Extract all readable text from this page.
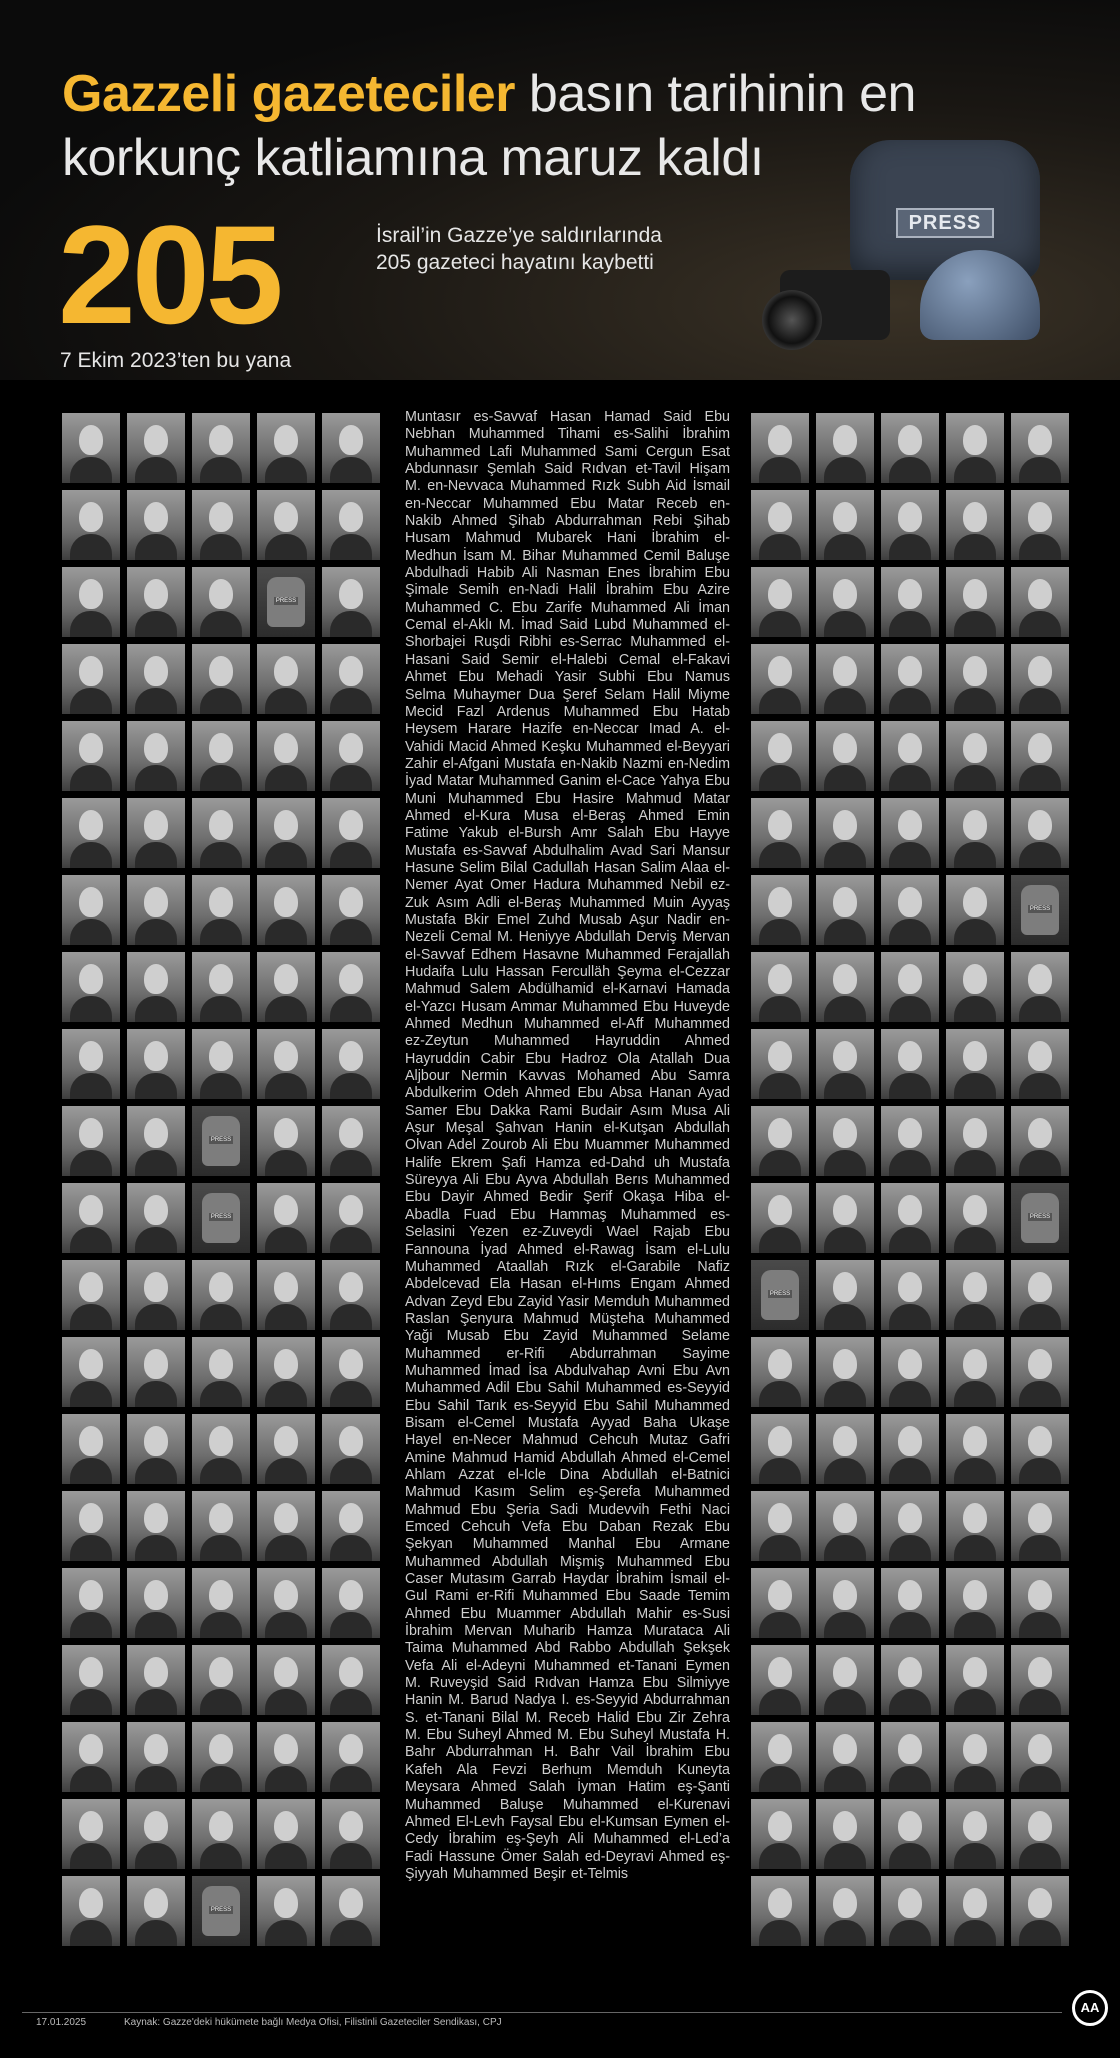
Gazzeli gazeteciler basın tarihinin en korkunç katliamına maruz kaldı
205	İsrail’in Gazze’ye saldırılarında 205 gazeteci hayatını kaybetti
7 Ekim 2023’ten bu yana
PRESS
PRESS
PRESS
PRESS
PRESS
Muntasır es-Savvaf Hasan Hamad Said Ebu Nebhan Muhammed Tihami es-Salihi İbrahim Muhammed Lafi Muhammed Sami Cergun Esat Abdunnasır Şemlah Said Rıdvan et-Tavil Hişam M. en-Nevvaca Muhammed Rızk Subh Aid İsmail en-Neccar Muhammed Ebu Matar Receb en-Nakib Ahmed Şihab Abdurrahman Rebi Şihab Husam Mahmud Mubarek Hani İbrahim el-Medhun İsam M. Bihar Muhammed Cemil Baluşe Abdulhadi Habib Ali Nasman Enes İbrahim Ebu Şimale Semih en-Nadi Halil İbrahim Ebu Azire Muhammed C. Ebu Zarife Muhammed Ali İman Cemal el-Aklı M. İmad Said Lubd Muhammed el-Shorbajei Ruşdi Ribhi es-Serrac Muhammed el-Hasani Said Semir el-Halebi Cemal el-Fakavi Ahmet Ebu Mehadi Yasir Subhi Ebu Namus Selma Muhaymer Dua Şeref Selam Halil Miyme Mecid Fazl Ardenus Muhammed Ebu Hatab Heysem Harare Hazife en-Neccar Imad A. el-Vahidi Macid Ahmed Keşku Muhammed el-Beyyari Zahir el-Afgani Mustafa en-Nakib Nazmi en-Nedim İyad Matar Muhammed Ganim el-Cace Yahya Ebu Muni Muhammed Ebu Hasire Mahmud Matar Ahmed el-Kura Musa el-Beraş Ahmed Emin Fatime Yakub el-Bursh Amr Salah Ebu Hayye Mustafa es-Savvaf Abdulhalim Avad Sari Mansur Hasune Selim Bilal Cadullah Hasan Salim Alaa el-Nemer Ayat Omer Hadura Muhammed Nebil ez-Zuk Asım Adli el-Beraş Muhammed Muin Ayyaş Mustafa Bkir Emel Zuhd Musab Aşur Nadir en-Nezeli Cemal M. Heniyye Abdullah Derviş Mervan el-Savvaf Edhem Hasavne Muhammed Ferajallah Hudaifa Lulu Hassan Ferculläh Şeyma el-Cezzar Mahmud Salem Abdülhamid el-Karnavi Hamada el-Yazcı Husam Ammar Muhammed Ebu Huveyde Ahmed Medhun Muhammed el-Aff Muhammed ez-Zeytun Muhammed Hayruddin Ahmed Hayruddin Cabir Ebu Hadroz Ola Atallah Dua Aljbour Nermin Kavvas Mohamed Abu Samra Abdulkerim Odeh Ahmed Ebu Absa Hanan Ayad Samer Ebu Dakka Rami Budair Asım Musa Ali Aşur Meşal Şahvan Hanin el-Kutşan Abdullah Olvan Adel Zourob Ali Ebu Muammer Muhammed Halife Ekrem Şafi Hamza ed-Dahd uh Mustafa Süreyya Ali Ebu Ayva Abdullah Berıs Muhammed Ebu Dayir Ahmed Bedir Şerif Okaşa Hiba el-Abadla Fuad Ebu Hammaş Muhammed es-Selasini Yezen ez-Zuveydi Wael Rajab Ebu Fannouna İyad Ahmed el-Rawag İsam el-Lulu Muhammed Ataallah Rızk el-Garabile Nafiz Abdelcevad Ela Hasan el-Hıms Engam Ahmed Advan Zeyd Ebu Zayid Yasir Memduh Muhammed Raslan Şenyura Mahmud Müşteha Muhammed Yaği Musab Ebu Zayid Muhammed Selame Muhammed er-Rifi Abdurrahman Sayime Muhammed İmad İsa Abdulvahap Avni Ebu Avn Muhammed Adil Ebu Sahil Muhammed es-Seyyid Ebu Sahil Tarık es-Seyyid Ebu Sahil Muhammed Bisam el-Cemel Mustafa Ayyad Baha Ukaşe Hayel en-Necer Mahmud Cehcuh Mutaz Gafri Amine Mahmud Hamid Abdullah Ahmed el-Cemel Ahlam Azzat el-Icle Dina Abdullah el-Batnici Mahmud Kasım Selim eş-Şerefa Muhammed Mahmud Ebu Şeria Sadi Mudevvih Fethi Naci Emced Cehcuh Vefa Ebu Daban Rezak Ebu Şekyan Muhammed Manhal Ebu Armane Muhammed Abdullah Mişmiş Muhammed Ebu Caser Mutasım Garrab Haydar İbrahim İsmail el-Gul Rami er-Rifi Muhammed Ebu Saade Temim Ahmed Ebu Muammer Abdullah Mahir es-Susi İbrahim Mervan Muharib Hamza Murataca Ali Taima Muhammed Abd Rabbo Abdullah Şekşek Vefa Ali el-Adeyni Muhammed et-Tanani Eymen M. Ruveyşid Said Rıdvan Hamza Ebu Silmiyye Hanin M. Barud Nadya I. es-Seyyid Abdurrahman S. et-Tanani Bilal M. Receb Halid Ebu Zir Zehra M. Ebu Suheyl Ahmed M. Ebu Suheyl Mustafa H. Bahr Abdurrahman H. Bahr Vail İbrahim Ebu Kafeh Ala Fevzi Berhum Memduh Kuneyta Meysara Ahmed Salah İyman Hatim eş-Şanti Muhammed Baluşe Muhammed el-Kurenavi Ahmed El-Levh Faysal Ebu el-Kumsan Eymen el-Cedy İbrahim eş-Şeyh Ali Muhammed el-Led’a Fadi Hassune Ömer Salah ed-Deyravi Ahmed eş-Şiyyah Muhammed Beşir et-Telmis
PRESS
PRESS
PRESS
17.01.2025	Kaynak: Gazze'deki hükümete bağlı Medya Ofisi, Filistinli Gazeteciler Sendikası, CPJ
AA
